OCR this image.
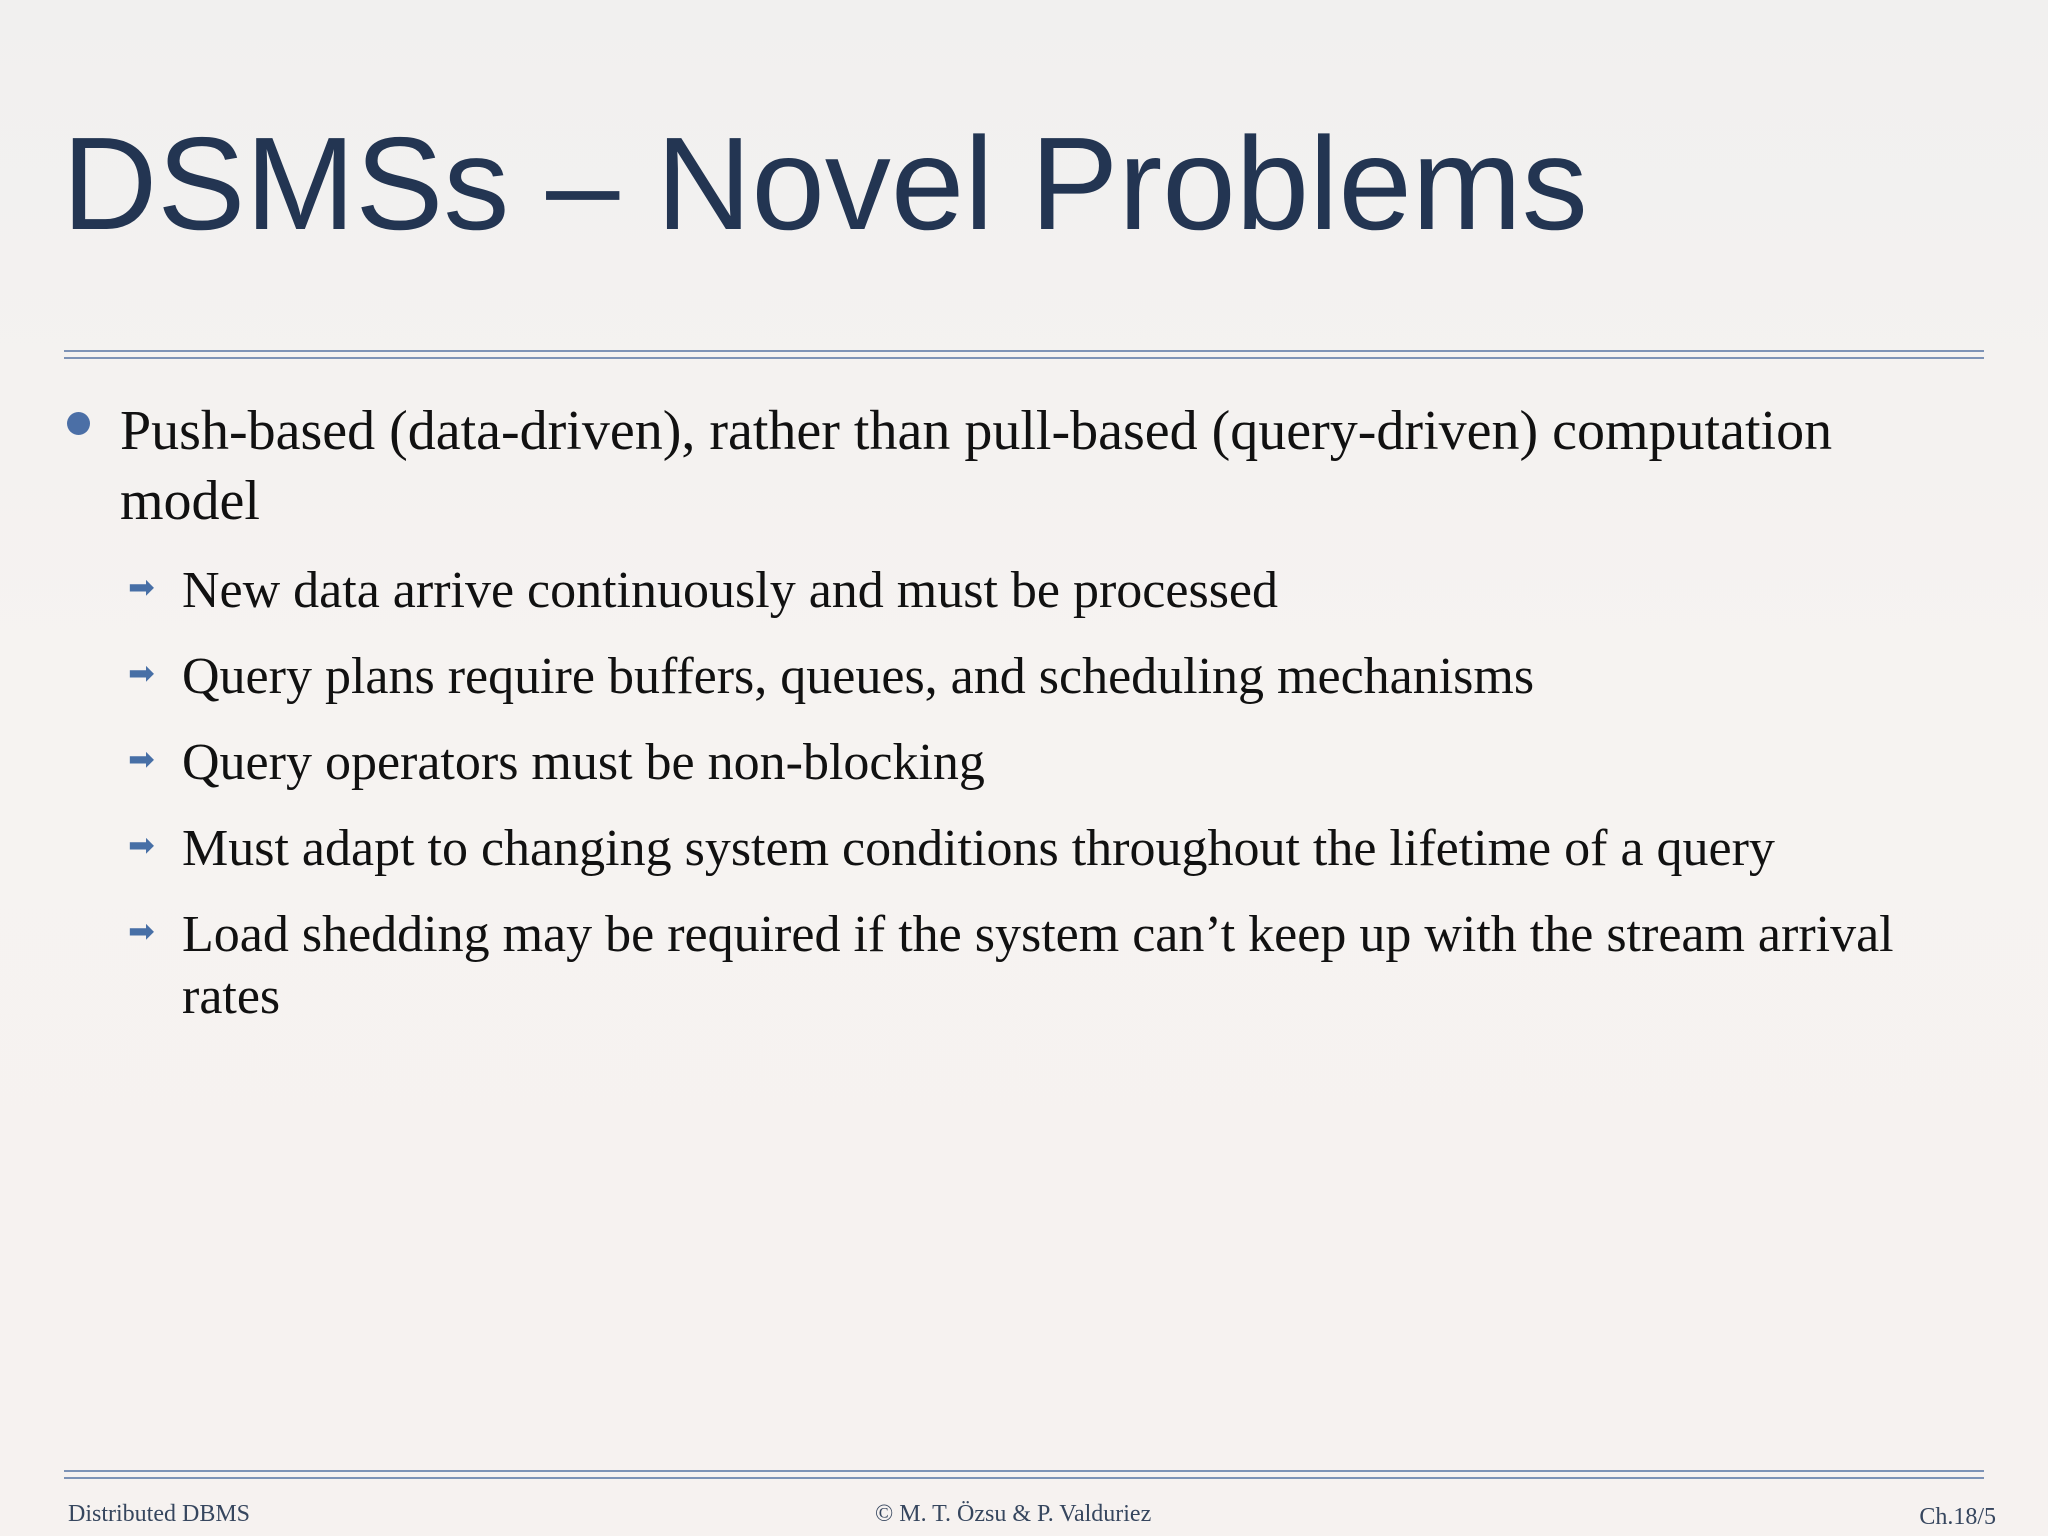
DSMSs – Novel Problems
Push-based (data-driven), rather than pull-based (query-driven) computation model
➡ New data arrive continuously and must be processed
➡ Query plans require buffers, queues, and scheduling mechanisms
➡ Query operators must be non-blocking
➡ Must adapt to changing system conditions throughout the lifetime of a query
➡ Load shedding may be required if the system can’t keep up with the stream arrival rates
Distributed DBMS	© M. T. Özsu & P. Valduriez	Ch.18/5
